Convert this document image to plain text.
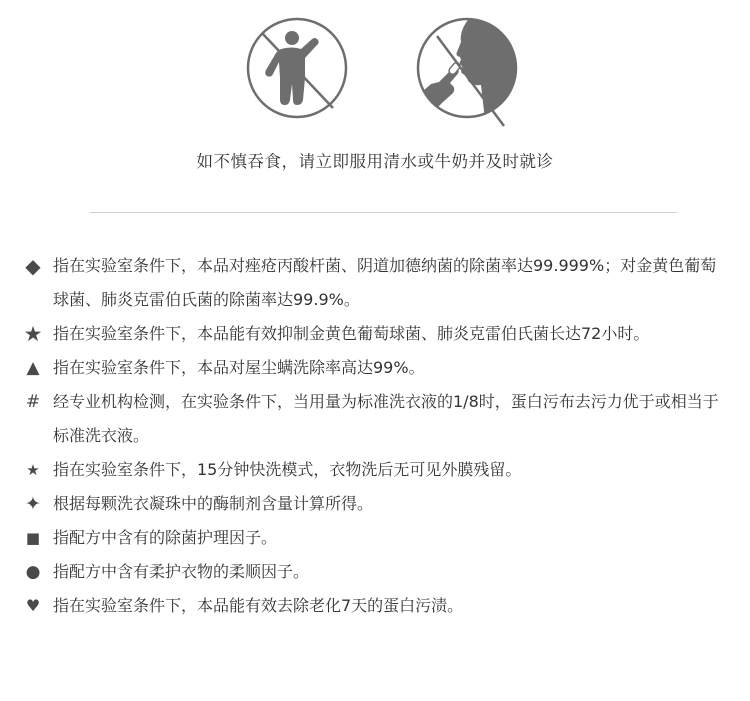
如不慎吞食，请立即服用清水或牛奶并及时就诊
◆ 指在实验室条件下，本品对痤疮丙酸杆菌、阴道加德纳菌的除菌率达99.999%；对金黄色葡萄球菌、肺炎克雷伯氏菌的除菌率达99.9%。
★ 指在实验室条件下，本品能有效抑制金黄色葡萄球菌、肺炎克雷伯氏菌长达72小时。
▲ 指在实验室条件下，本品对屋尘螨洗除率高达99%。
# 经专业机构检测，在实验条件下，当用量为标准洗衣液的1/8时，蛋白污布去污力优于或相当于标准洗衣液。
★ 指在实验室条件下，15分钟快洗模式，衣物洗后无可见外膜残留。
✦ 根据每颗洗衣凝珠中的酶制剂含量计算所得。
■ 指配方中含有的除菌护理因子。
● 指配方中含有柔护衣物的柔顺因子。
♥ 指在实验室条件下，本品能有效去除老化7天的蛋白污渍。
